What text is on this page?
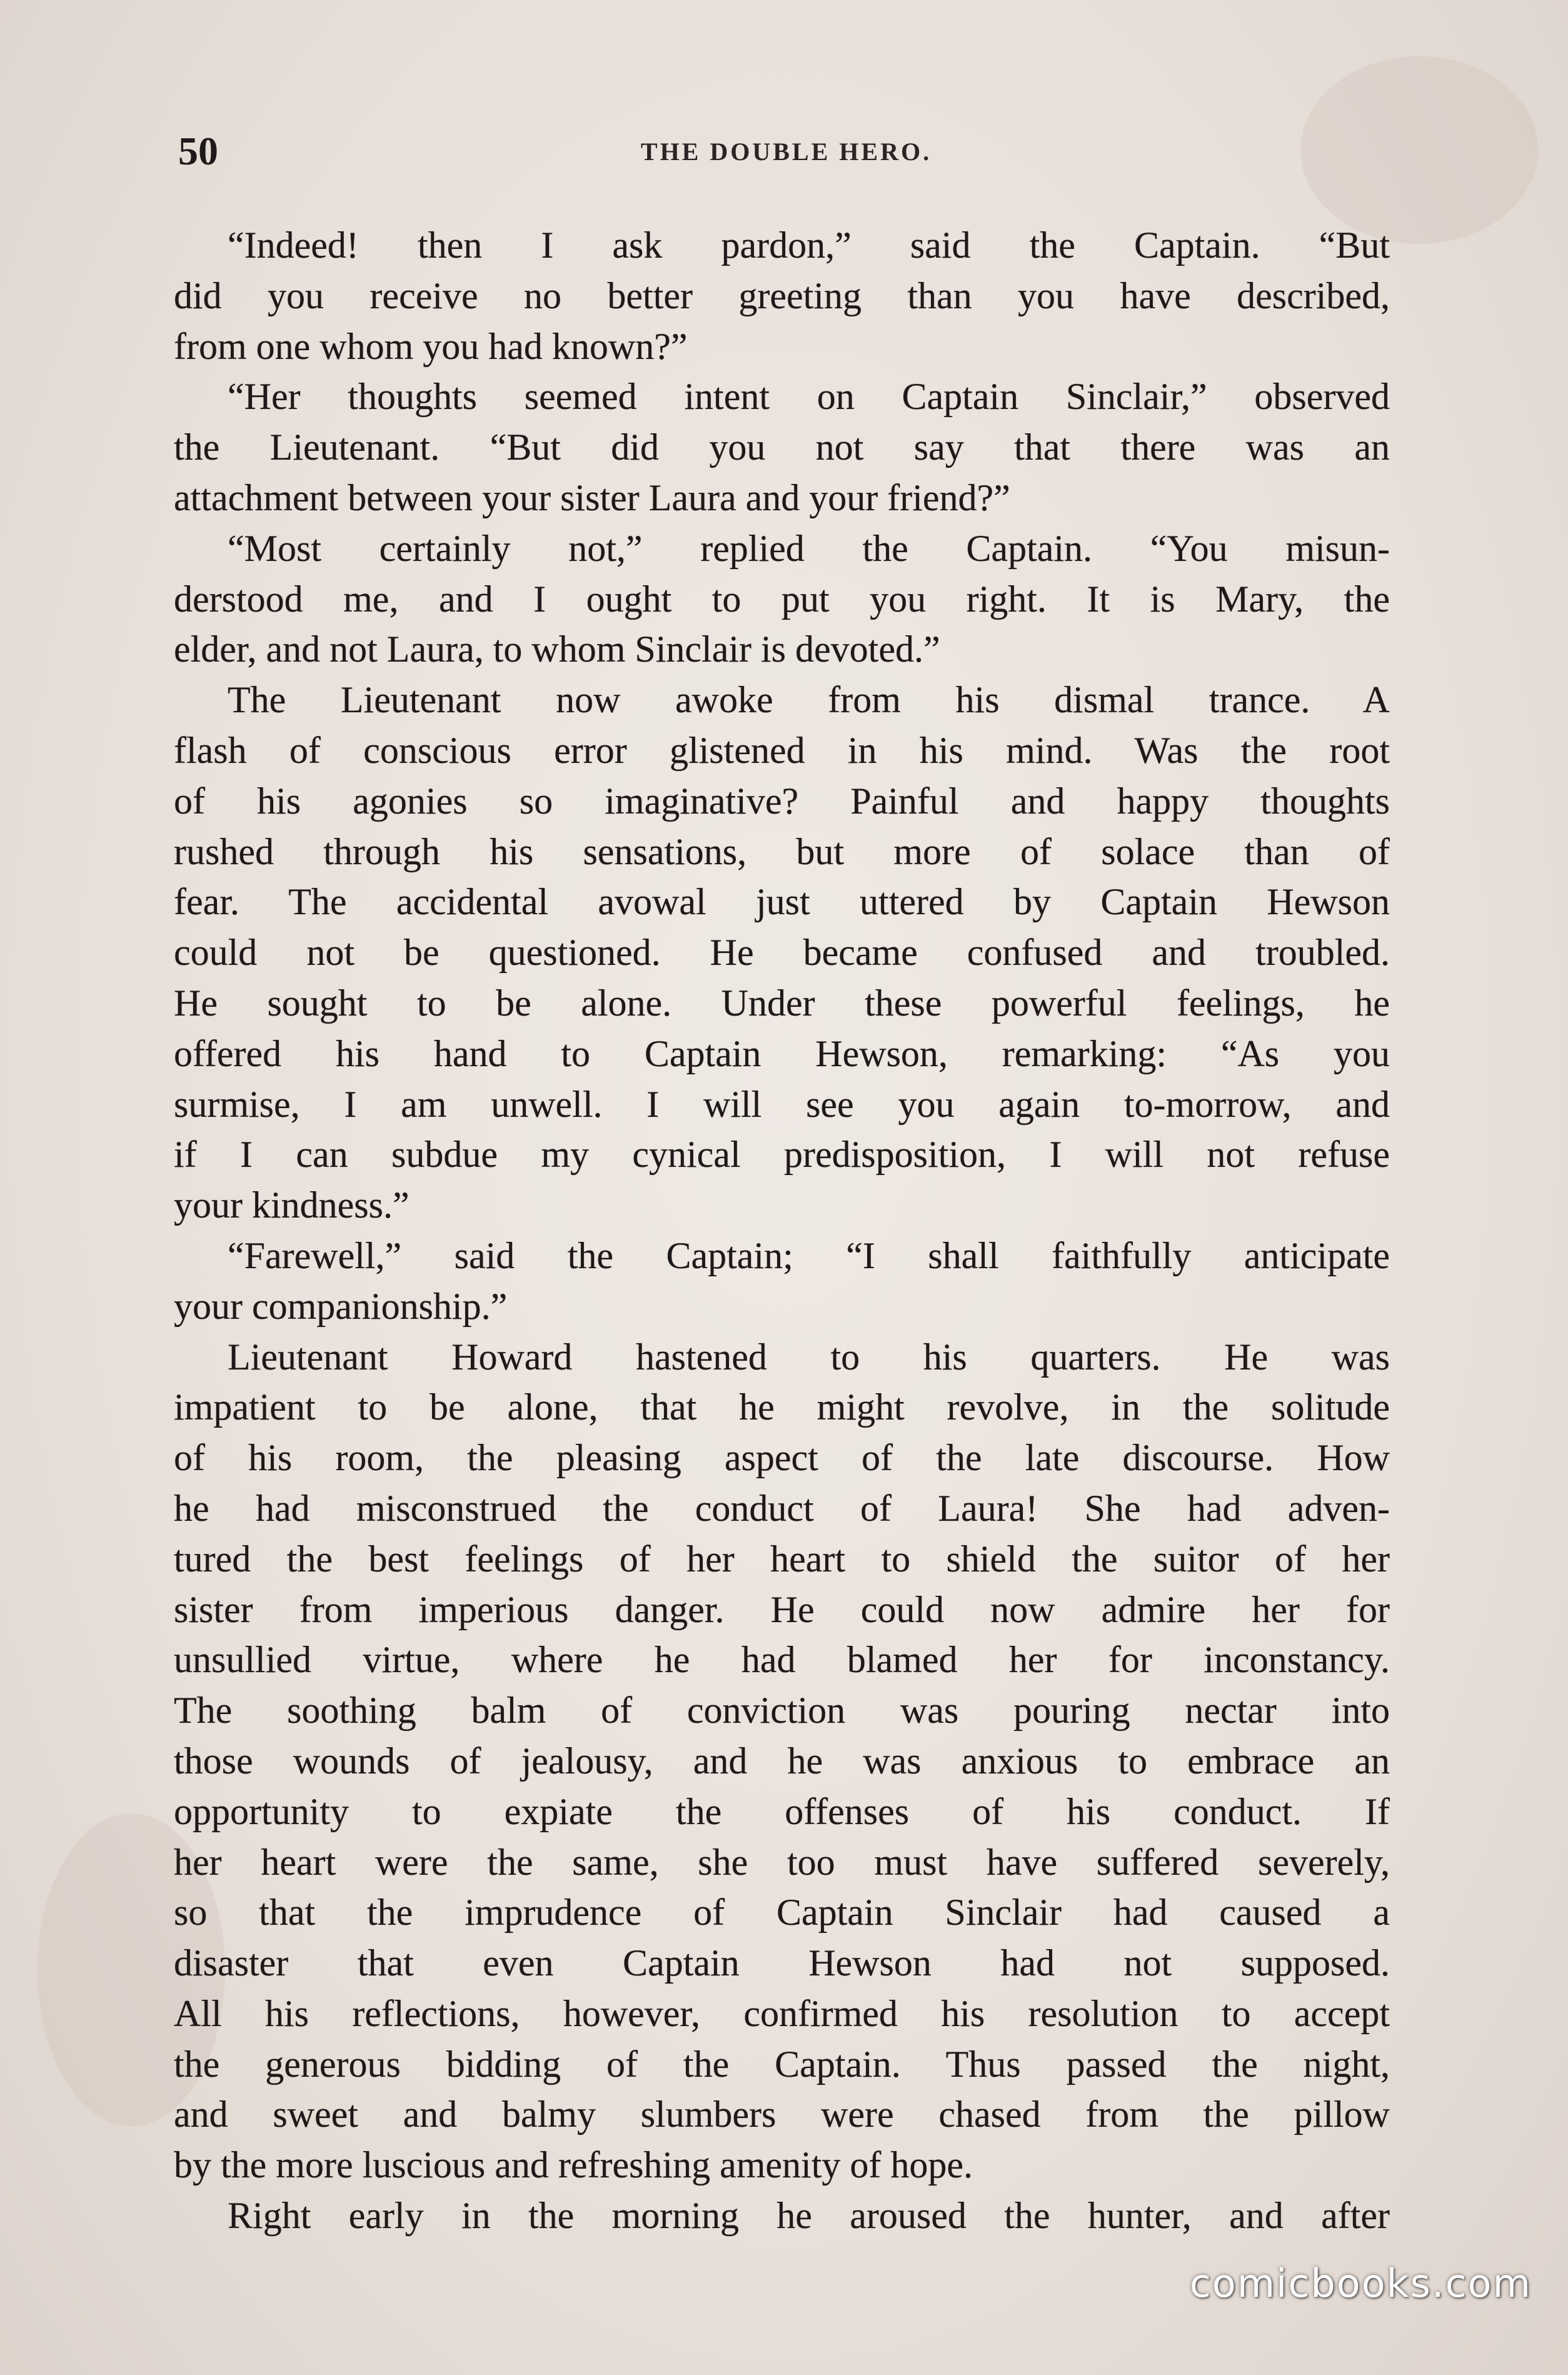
50	THE DOUBLE HERO.
“Indeed! then I ask pardon,” said the Captain. “But
did you receive no better greeting than you have described,
from one whom you had known?”
“Her thoughts seemed intent on Captain Sinclair,” observed
the Lieutenant. “But did you not say that there was an
attachment between your sister Laura and your friend?”
“Most certainly not,” replied the Captain. “You misun-
derstood me, and I ought to put you right. It is Mary, the
elder, and not Laura, to whom Sinclair is devoted.”
The Lieutenant now awoke from his dismal trance. A
flash of conscious error glistened in his mind. Was the root
of his agonies so imaginative? Painful and happy thoughts
rushed through his sensations, but more of solace than of
fear. The accidental avowal just uttered by Captain Hewson
could not be questioned. He became confused and troubled.
He sought to be alone. Under these powerful feelings, he
offered his hand to Captain Hewson, remarking: “As you
surmise, I am unwell. I will see you again to-morrow, and
if I can subdue my cynical predisposition, I will not refuse
your kindness.”
“Farewell,” said the Captain; “I shall faithfully anticipate
your companionship.”
Lieutenant Howard hastened to his quarters. He was
impatient to be alone, that he might revolve, in the solitude
of his room, the pleasing aspect of the late discourse. How
he had misconstrued the conduct of Laura! She had adven-
tured the best feelings of her heart to shield the suitor of her
sister from imperious danger. He could now admire her for
unsullied virtue, where he had blamed her for inconstancy.
The soothing balm of conviction was pouring nectar into
those wounds of jealousy, and he was anxious to embrace an
opportunity to expiate the offenses of his conduct. If
her heart were the same, she too must have suffered severely,
so that the imprudence of Captain Sinclair had caused a
disaster that even Captain Hewson had not supposed.
All his reflections, however, confirmed his resolution to accept
the generous bidding of the Captain. Thus passed the night,
and sweet and balmy slumbers were chased from the pillow
by the more luscious and refreshing amenity of hope.
Right early in the morning he aroused the hunter, and after
comicbooks.com
